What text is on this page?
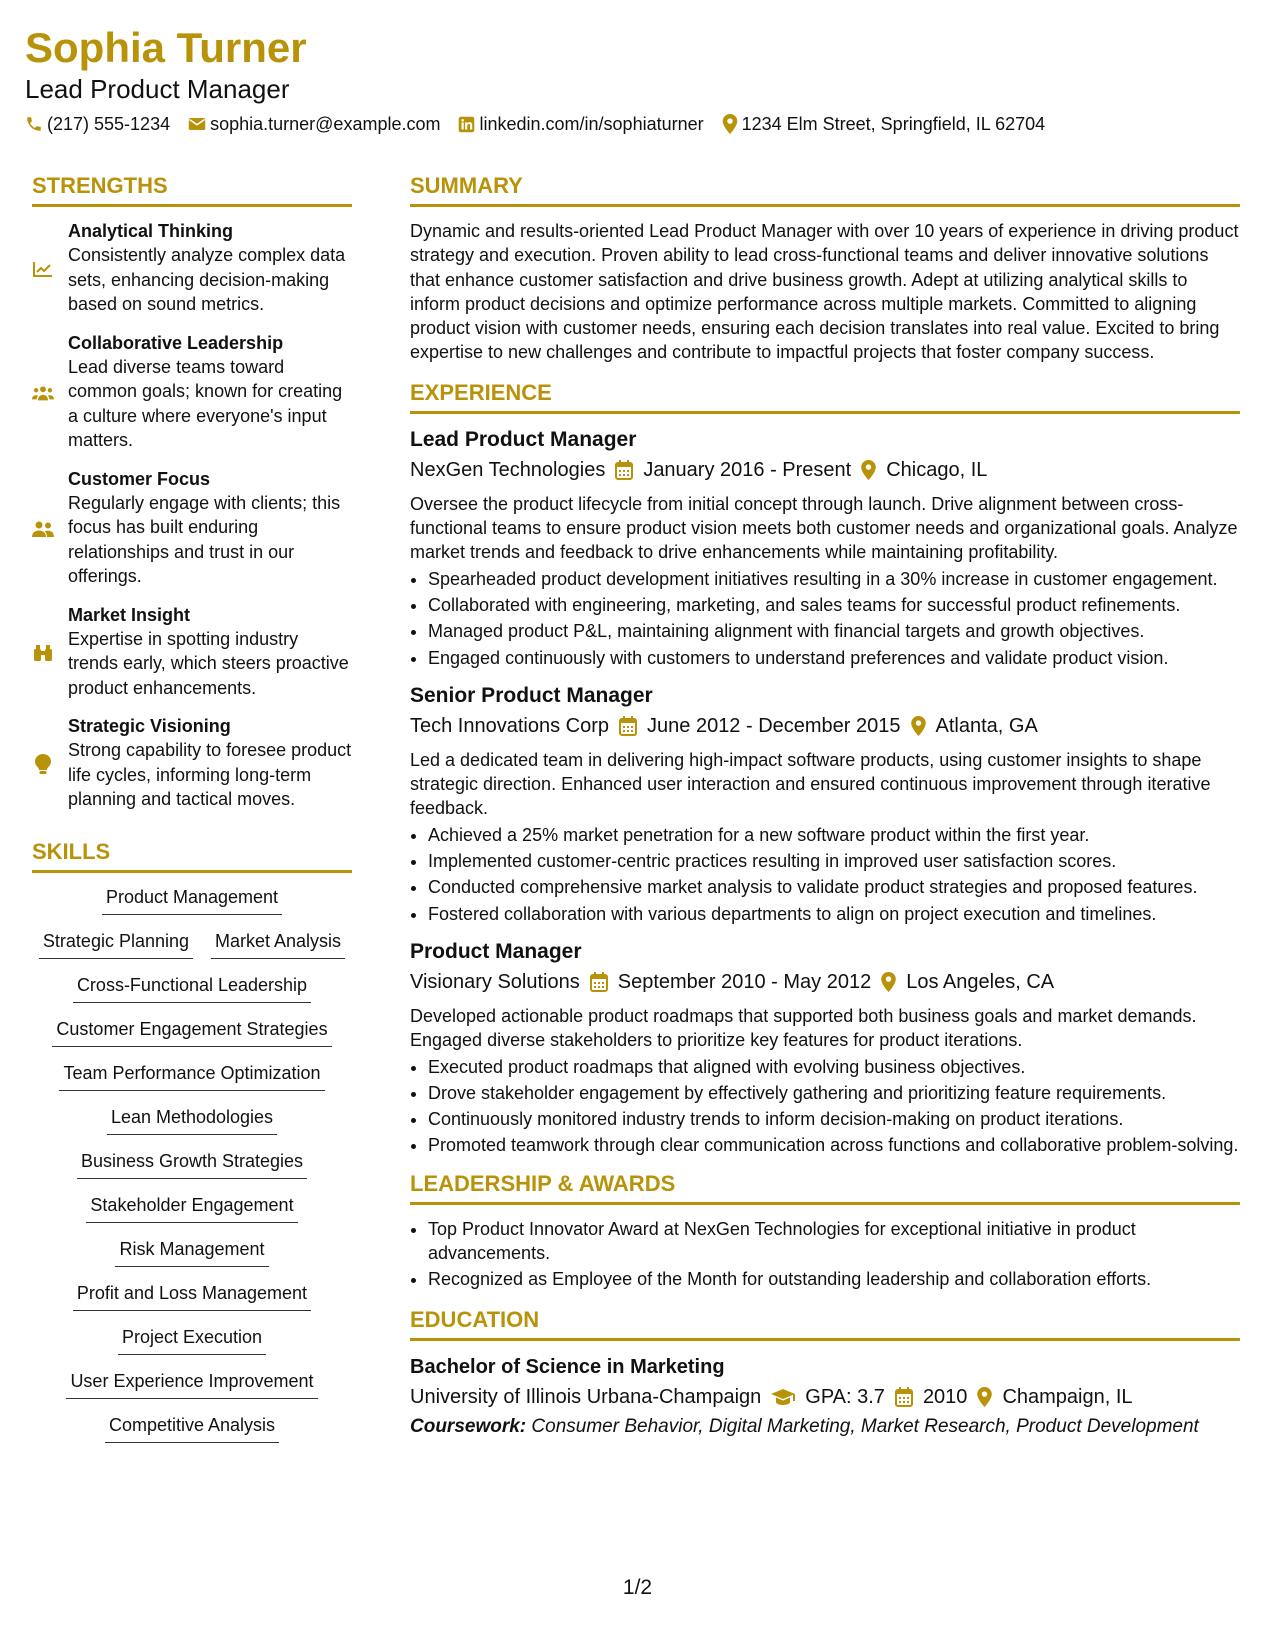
Sophia Turner
Lead Product Manager
(217) 555-1234 sophia.turner@example.com linkedin.com/in/sophiaturner 1234 Elm Street, Springfield, IL 62704
STRENGTHS
Analytical Thinking
Consistently analyze complex data sets, enhancing decision-making based on sound metrics.
Collaborative Leadership
Lead diverse teams toward common goals; known for creating a culture where everyone's input matters.
Customer Focus
Regularly engage with clients; this focus has built enduring relationships and trust in our offerings.
Market Insight
Expertise in spotting industry trends early, which steers proactive product enhancements.
Strategic Visioning
Strong capability to foresee product life cycles, informing long-term planning and tactical moves.
SKILLS
Product Management
Strategic Planning Market Analysis
Cross-Functional Leadership
Customer Engagement Strategies
Team Performance Optimization
Lean Methodologies
Business Growth Strategies
Stakeholder Engagement
Risk Management
Profit and Loss Management
Project Execution
User Experience Improvement
Competitive Analysis
SUMMARY
Dynamic and results-oriented Lead Product Manager with over 10 years of experience in driving product strategy and execution. Proven ability to lead cross-functional teams and deliver innovative solutions that enhance customer satisfaction and drive business growth. Adept at utilizing analytical skills to inform product decisions and optimize performance across multiple markets. Committed to aligning product vision with customer needs, ensuring each decision translates into real value. Excited to bring expertise to new challenges and contribute to impactful projects that foster company success.
EXPERIENCE
Lead Product Manager
NexGen Technologies January 2016 - Present Chicago, IL
Oversee the product lifecycle from initial concept through launch. Drive alignment between cross-functional teams to ensure product vision meets both customer needs and organizational goals. Analyze market trends and feedback to drive enhancements while maintaining profitability.
• Spearheaded product development initiatives resulting in a 30% increase in customer engagement.
• Collaborated with engineering, marketing, and sales teams for successful product refinements.
• Managed product P&L, maintaining alignment with financial targets and growth objectives.
• Engaged continuously with customers to understand preferences and validate product vision.
Senior Product Manager
Tech Innovations Corp June 2012 - December 2015 Atlanta, GA
Led a dedicated team in delivering high-impact software products, using customer insights to shape strategic direction. Enhanced user interaction and ensured continuous improvement through iterative feedback.
• Achieved a 25% market penetration for a new software product within the first year.
• Implemented customer-centric practices resulting in improved user satisfaction scores.
• Conducted comprehensive market analysis to validate product strategies and proposed features.
• Fostered collaboration with various departments to align on project execution and timelines.
Product Manager
Visionary Solutions September 2010 - May 2012 Los Angeles, CA
Developed actionable product roadmaps that supported both business goals and market demands. Engaged diverse stakeholders to prioritize key features for product iterations.
• Executed product roadmaps that aligned with evolving business objectives.
• Drove stakeholder engagement by effectively gathering and prioritizing feature requirements.
• Continuously monitored industry trends to inform decision-making on product iterations.
• Promoted teamwork through clear communication across functions and collaborative problem-solving.
LEADERSHIP & AWARDS
• Top Product Innovator Award at NexGen Technologies for exceptional initiative in product advancements.
• Recognized as Employee of the Month for outstanding leadership and collaboration efforts.
EDUCATION
Bachelor of Science in Marketing
University of Illinois Urbana-Champaign GPA: 3.7 2010 Champaign, IL
Coursework: Consumer Behavior, Digital Marketing, Market Research, Product Development
1/2
